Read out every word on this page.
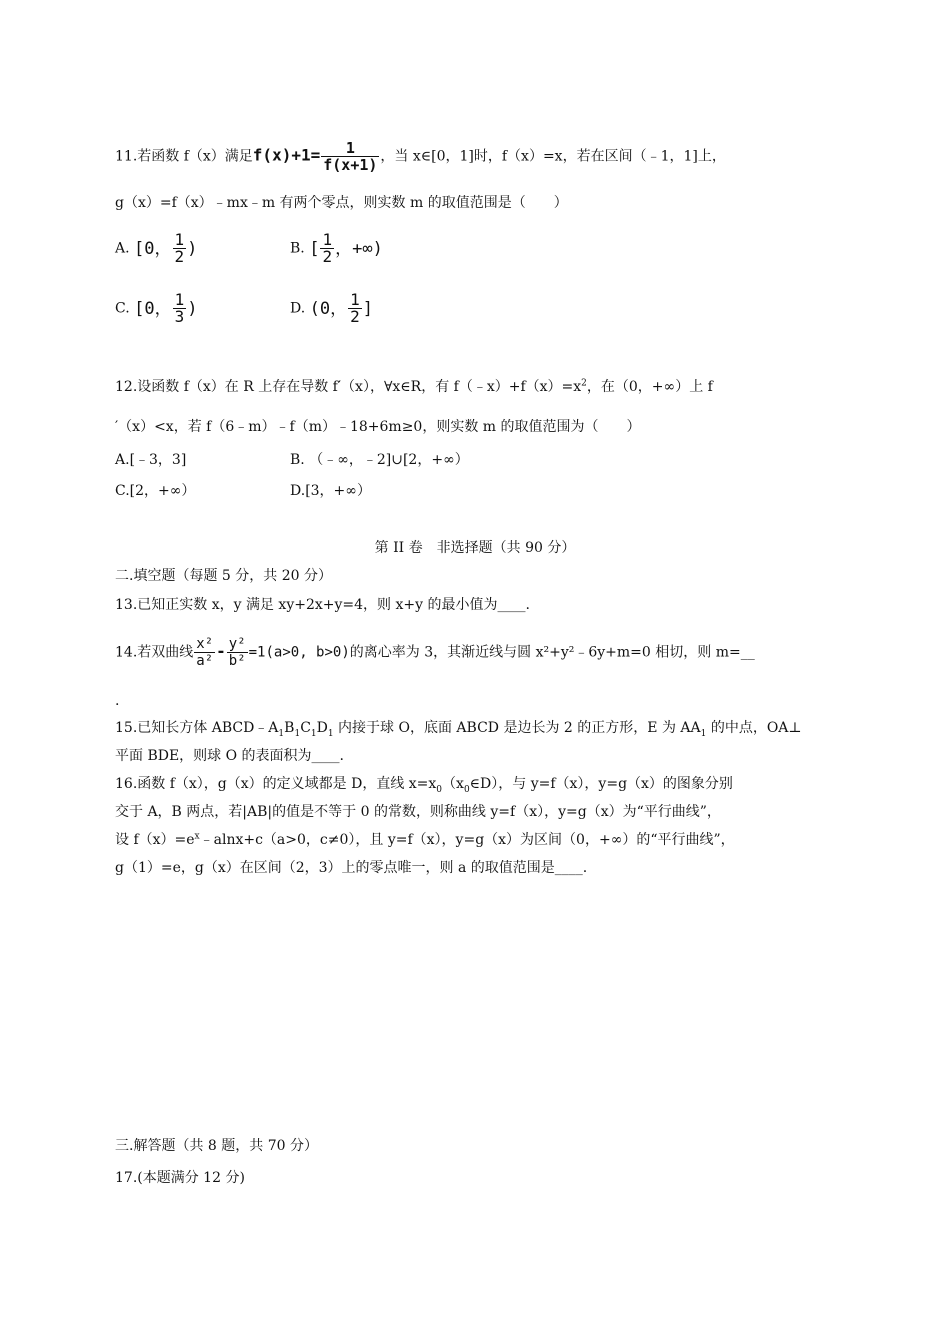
11.若函数 f（x）满足$f(x)+1= \frac{1}{f(x+1)}$ ，当 x∈[0，1]时，f（x）=x，若在区间（﹣1，1]上，
g（x）=f（x）﹣mx﹣m 有两个零点，则实数 m 的取值范围是（　　）
A. [0， $\frac{1}{2}$ )	B. [ $\frac{1}{2}$ ，+∞)
C. [0， $\frac{1}{3}$ )	D. (0， $\frac{1}{2}$ ]
12.设函数 f（x）在 R 上存在导数 f′（x），∀x∈R，有 $f(﹣x)+f(x)=x^2$，在（0，+∞）上 f
′（x）<x，若 f（6﹣m）﹣f（m）﹣18+6m≥0，则实数 m 的取值范围为（　　）
A.[﹣3，3]	B. （﹣∞，﹣2]∪[2，+∞）
C.[2，+∞）	D.[3，+∞）
第 II 卷　非选择题（共 90 分）
二.填空题（每题 5 分，共 20 分）
13.已知正实数 x，y 满足 xy+2x+y=4，则 x+y 的最小值为____.
14.若双曲线 $\frac{\text{x²}}{\text{a²}} - \frac{\text{y²}}{\text{b²}} =1(a>0$, b>0)的离心率为 3，其渐近线与圆 x²+y²﹣6y+m=0 相切，则 m=__
.
15.已知长方体 $ABCD﹣A_1B_1C_1D_1$ 内接于球 O，底面 ABCD 是边长为 2 的正方形，E 为 $AA_1$ 的中点，OA⊥
平面 BDE，则球 O 的表面积为____.
16.函数 f（x），g（x）的定义域都是 D，直线 $x=x_0(x_0\in D)$，与 y=f（x），y=g（x）的图象分别
交于 A，B 两点，若|AB|的值是不等于 0 的常数，则称曲线 y=f（x），y=g（x）为“平行曲线”，
设 $f(x)=e^x﹣alnx+c(a>0$，c≠0），且 y=f（x），y=g（x）为区间（0，+∞）的“平行曲线”，
g（1）=e，g（x）在区间（2，3）上的零点唯一，则 a 的取值范围是____.
三.解答题（共 8 题，共 70 分）
17.(本题满分 12 分)
